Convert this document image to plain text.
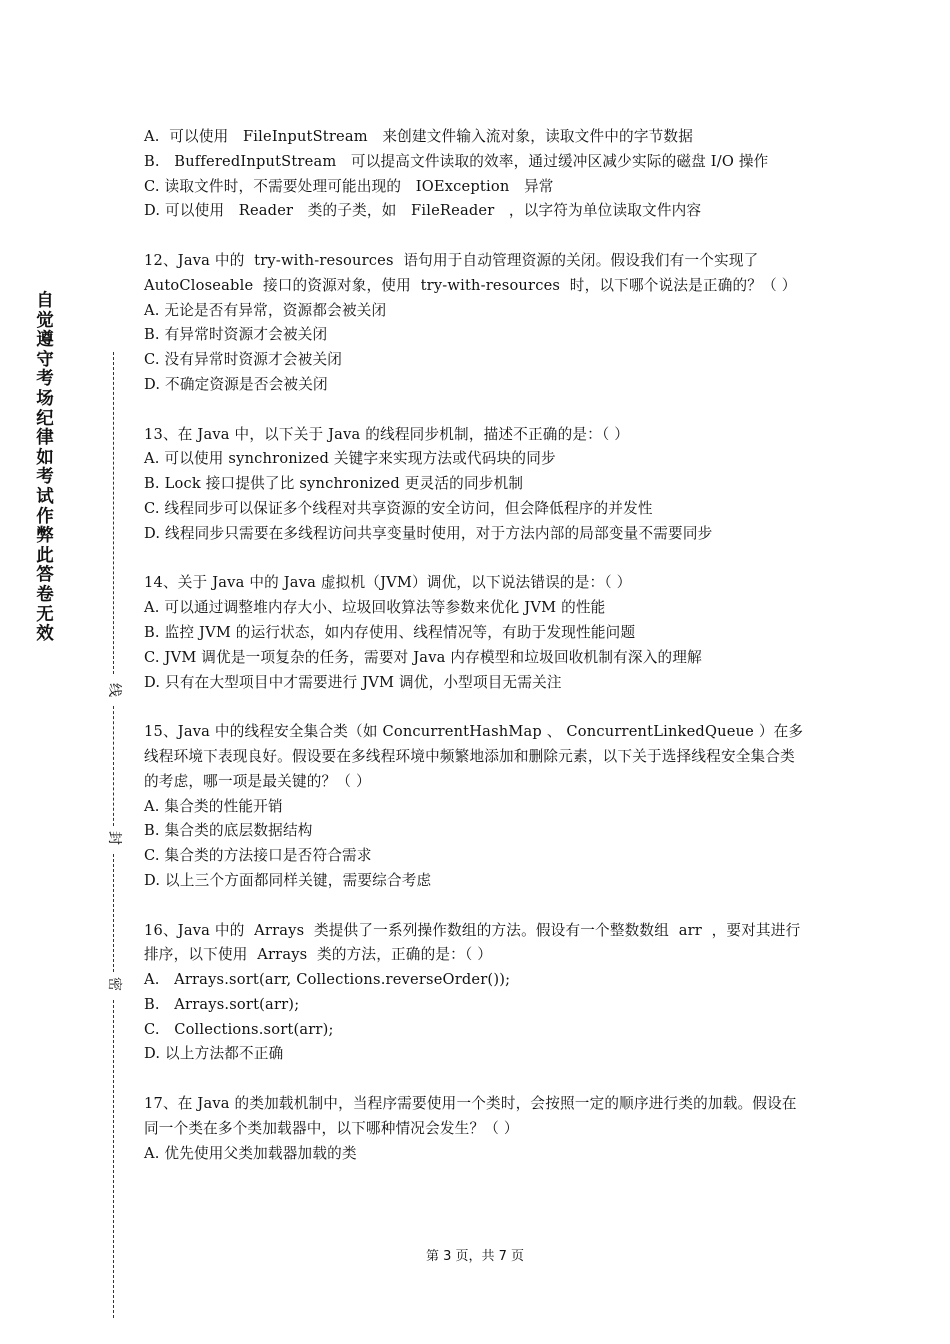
自觉遵守考场纪律如考试作弊此答卷无效
线
封
密

A.  可以使用   FileInputStream   来创建文件输入流对象，读取文件中的字节数据

B.   BufferedInputStream   可以提高文件读取的效率，通过缓冲区减少实际的磁盘 I/O 操作

C. 读取文件时，不需要处理可能出现的   IOException   异常

D. 可以使用   Reader   类的子类，如   FileReader   ，以字符为单位读取文件内容

12、Java 中的  try-with-resources  语句用于自动管理资源的关闭。假设我们有一个实现了  AutoCloseable  接口的资源对象，使用  try-with-resources  时，以下哪个说法是正确的？（ ）

A. 无论是否有异常，资源都会被关闭

B. 有异常时资源才会被关闭

C. 没有异常时资源才会被关闭

D. 不确定资源是否会被关闭

13、在 Java 中，以下关于 Java 的线程同步机制，描述不正确的是：（ ）

A. 可以使用 synchronized 关键字来实现方法或代码块的同步

B. Lock 接口提供了比 synchronized 更灵活的同步机制

C. 线程同步可以保证多个线程对共享资源的安全访问，但会降低程序的并发性

D. 线程同步只需要在多线程访问共享变量时使用，对于方法内部的局部变量不需要同步

14、关于 Java 中的 Java 虚拟机（JVM）调优，以下说法错误的是：（ ）

A. 可以通过调整堆内存大小、垃圾回收算法等参数来优化 JVM 的性能

B. 监控 JVM 的运行状态，如内存使用、线程情况等，有助于发现性能问题

C. JVM 调优是一项复杂的任务，需要对 Java 内存模型和垃圾回收机制有深入的理解

D. 只有在大型项目中才需要进行 JVM 调优，小型项目无需关注

15、Java 中的线程安全集合类（如 ConcurrentHashMap 、 ConcurrentLinkedQueue ）在多线程环境下表现良好。假设要在多线程环境中频繁地添加和删除元素，以下关于选择线程安全集合类的考虑，哪一项是最关键的？（ ）

A. 集合类的性能开销

B. 集合类的底层数据结构

C. 集合类的方法接口是否符合需求

D. 以上三个方面都同样关键，需要综合考虑

16、Java 中的  Arrays  类提供了一系列操作数组的方法。假设有一个整数数组  arr  ，要对其进行排序，以下使用  Arrays  类的方法，正确的是：（ ）

A.   Arrays.sort(arr, Collections.reverseOrder());

B.   Arrays.sort(arr);

C.   Collections.sort(arr);

D. 以上方法都不正确

17、在 Java 的类加载机制中，当程序需要使用一个类时，会按照一定的顺序进行类的加载。假设在同一个类在多个类加载器中，以下哪种情况会发生？（ ）

A. 优先使用父类加载器加载的类

第 3 页，共 7 页
